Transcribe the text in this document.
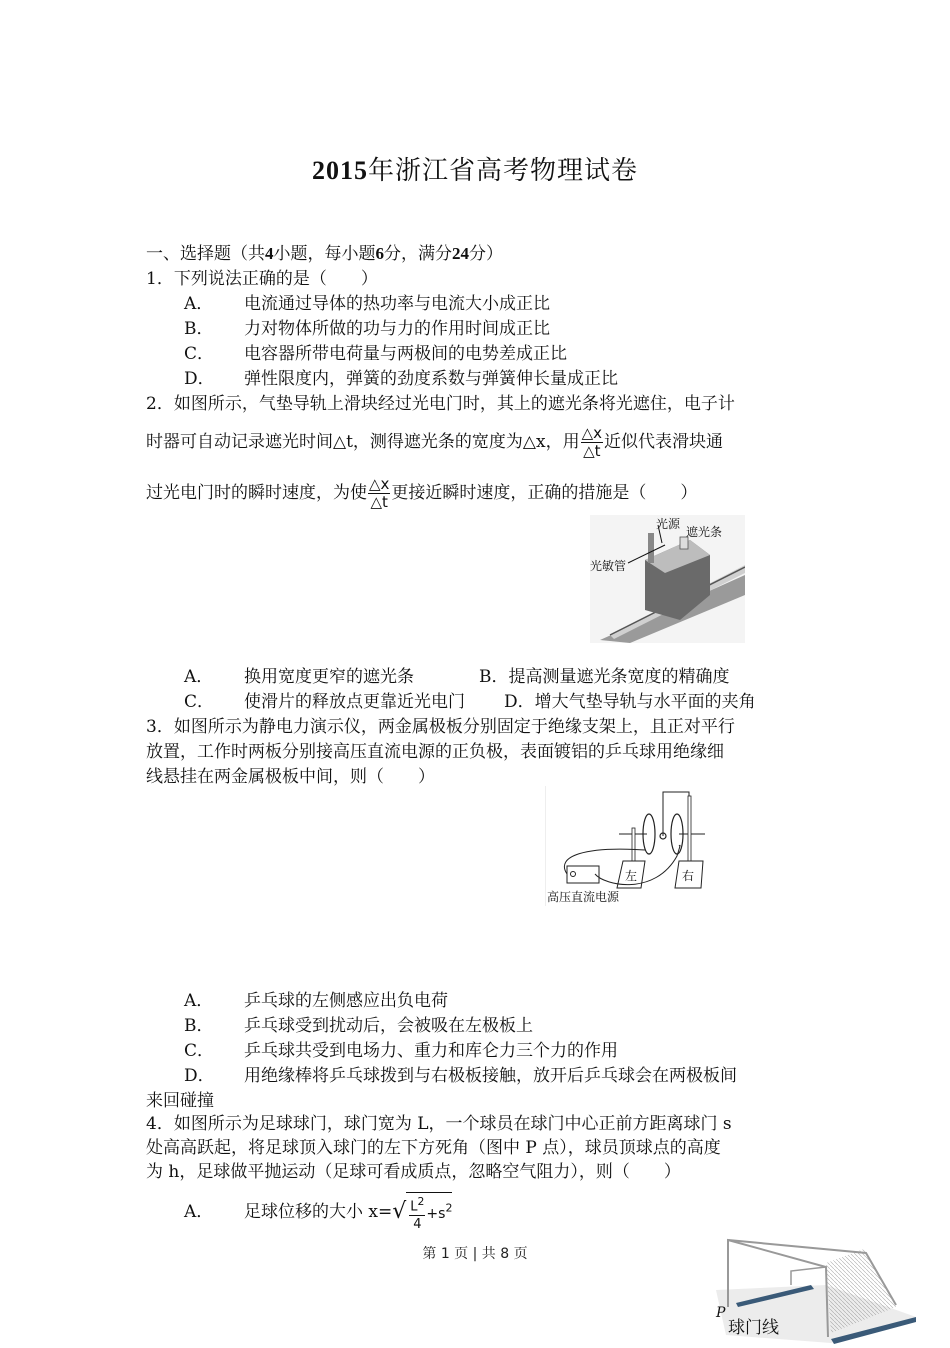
2015年浙江省高考物理试卷
一、选择题（共4小题，每小题6分，满分24分）
1．下列说法正确的是（　　）
A． 电流通过导体的热功率与电流大小成正比
B． 力对物体所做的功与力的作用时间成正比
C． 电容器所带电荷量与两极间的电势差成正比
D． 弹性限度内，弹簧的劲度系数与弹簧伸长量成正比
2．如图所示，气垫导轨上滑块经过光电门时，其上的遮光条将光遮住，电子计
时器可自动记录遮光时间△t，测得遮光条的宽度为△x，用 $\frac{\triangle x}{\triangle t}$ 近似代表滑块通
过光电门时的瞬时速度，为使 $\frac{\triangle x}{\triangle t}$ 更接近瞬时速度，正确的措施是（　　）
光源
遮光条
光敏管
A． 换用宽度更窄的遮光条	B．提高测量遮光条宽度的精确度
C． 使滑片的释放点更靠近光电门 D．增大气垫导轨与水平面的夹角
3．如图所示为静电力演示仪，两金属极板分别固定于绝缘支架上，且正对平行
放置，工作时两板分别接高压直流电源的正负极，表面镀铝的乒乓球用绝缘细
线悬挂在两金属极板中间，则（　　）
左	右
高压直流电源
A． 乒乓球的左侧感应出负电荷
B． 乒乓球受到扰动后，会被吸在左极板上
C． 乒乓球共受到电场力、重力和库仑力三个力的作用
D． 用绝缘棒将乒乓球拨到与右极板接触，放开后乒乓球会在两极板间
来回碰撞
4．如图所示为足球球门，球门宽为 L，一个球员在球门中心正前方距离球门 s
处高高跃起，将足球顶入球门的左下方死角（图中 P 点），球员顶球点的高度
为 h，足球做平抛运动（足球可看成质点，忽略空气阻力），则（　　）
A． 足球位移的大小 $x=√ \frac{L^2}{4} +s^2$
P
球门线
第 1 页 | 共 8 页
